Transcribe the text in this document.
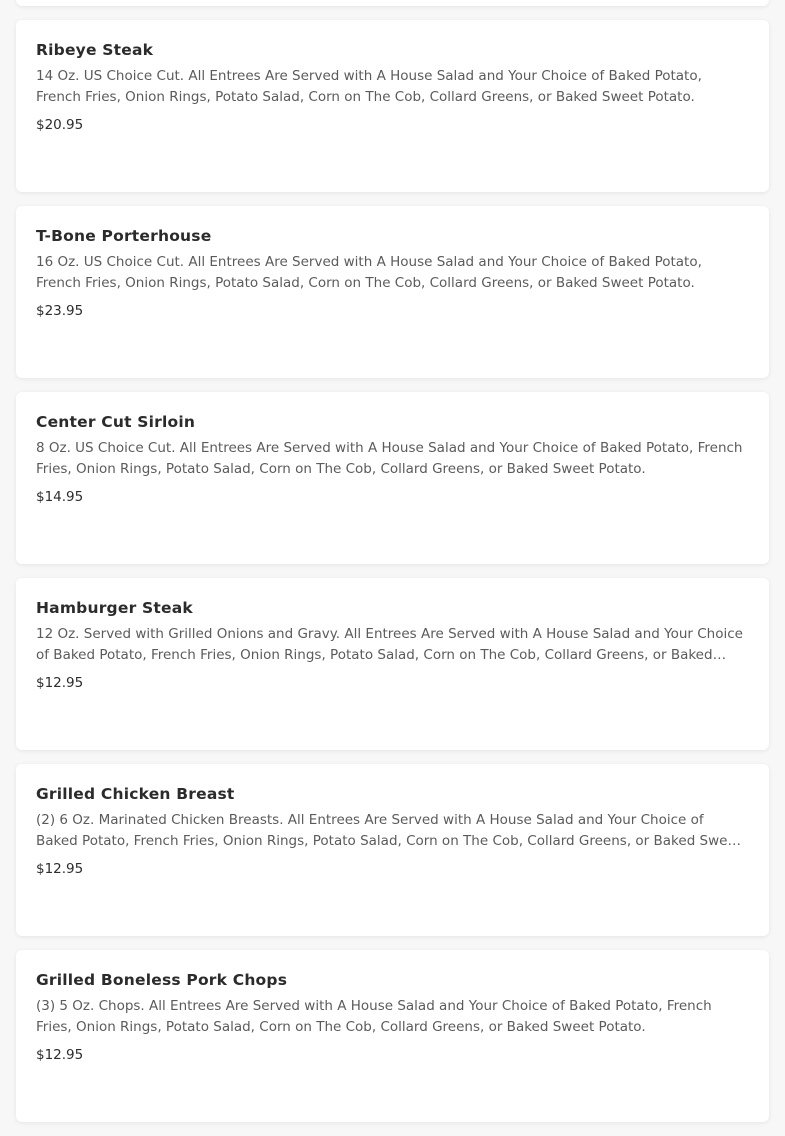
Ribeye Steak
14 Oz. US Choice Cut. All Entrees Are Served with A House Salad and Your Choice of Baked Potato, French Fries, Onion Rings, Potato Salad, Corn on The Cob, Collard Greens, or Baked Sweet Potato.
$20.95
T-Bone Porterhouse
16 Oz. US Choice Cut. All Entrees Are Served with A House Salad and Your Choice of Baked Potato, French Fries, Onion Rings, Potato Salad, Corn on The Cob, Collard Greens, or Baked Sweet Potato.
$23.95
Center Cut Sirloin
8 Oz. US Choice Cut. All Entrees Are Served with A House Salad and Your Choice of Baked Potato, French Fries, Onion Rings, Potato Salad, Corn on The Cob, Collard Greens, or Baked Sweet Potato.
$14.95
Hamburger Steak
12 Oz. Served with Grilled Onions and Gravy. All Entrees Are Served with A House Salad and Your Choice of Baked Potato, French Fries, Onion Rings, Potato Salad, Corn on The Cob, Collard Greens, or Baked
$12.95
Grilled Chicken Breast
(2) 6 Oz. Marinated Chicken Breasts. All Entrees Are Served with A House Salad and Your Choice of Baked Potato, French Fries, Onion Rings, Potato Salad, Corn on The Cob, Collard Greens, or Baked Sweet
$12.95
Grilled Boneless Pork Chops
(3) 5 Oz. Chops. All Entrees Are Served with A House Salad and Your Choice of Baked Potato, French Fries, Onion Rings, Potato Salad, Corn on The Cob, Collard Greens, or Baked Sweet Potato.
$12.95
